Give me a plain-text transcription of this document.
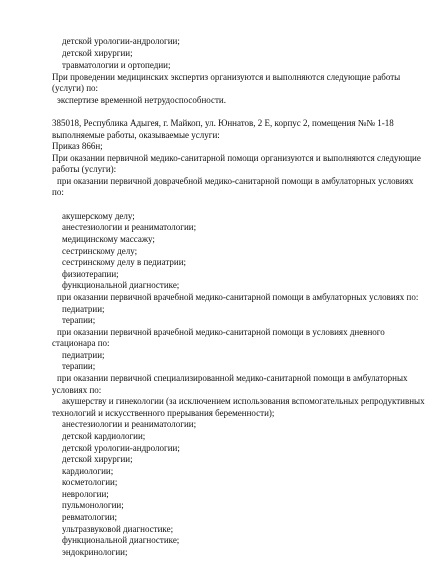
детской урологии-андрологии;

детской хирургии;

травматологии и ортопедии;

При проведении медицинских экспертиз организуются и выполняются следующие работы

(услуги) по:

экспертизе временной нетрудоспособности.

385018, Республика Адыгея, г. Майкоп, ул. Юннатов, 2 Е, корпус 2, помещения №№ 1-18

выполняемые работы, оказываемые услуги:

Приказ 866н;

При оказании первичной медико-санитарной помощи организуются и выполняются следующие

работы (услуги):

при оказании первичной доврачебной медико-санитарной помощи в амбулаторных условиях

по:

акушерскому делу;

анестезиологии и реаниматологии;

медицинскому массажу;

сестринскому делу;

сестринскому делу в педиатрии;

физиотерапии;

функциональной диагностике;

при оказании первичной врачебной медико-санитарной помощи в амбулаторных условиях по:

педиатрии;

терапии;

при оказании первичной врачебной медико-санитарной помощи в условиях дневного

стационара по:

педиатрии;

терапии;

при оказании первичной специализированной медико-санитарной помощи в амбулаторных

условиях по:

акушерству и гинекологии (за исключением использования вспомогательных репродуктивных

технологий и искусственного прерывания беременности);

анестезиологии и реаниматологии;

детской кардиологии;

детской урологии-андрологии;

детской хирургии;

кардиологии;

косметологии;

неврологии;

пульмонологии;

ревматологии;

ультразвуковой диагностике;

функциональной диагностике;

эндокринологии;
